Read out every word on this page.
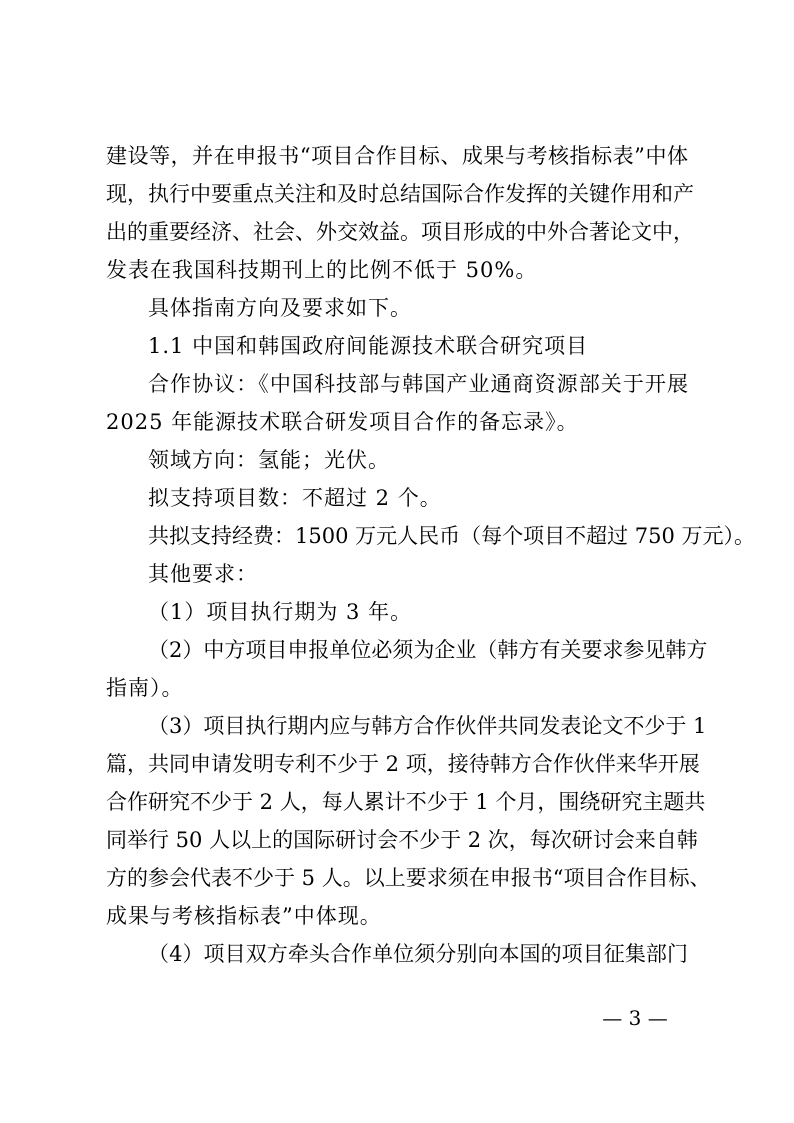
建设等，并在申报书“项目合作目标、成果与考核指标表”中体
现，执行中要重点关注和及时总结国际合作发挥的关键作用和产
出的重要经济、社会、外交效益。项目形成的中外合著论文中，
发表在我国科技期刊上的比例不低于 50%。
具体指南方向及要求如下。
1.1 中国和韩国政府间能源技术联合研究项目
合作协议：《中国科技部与韩国产业通商资源部关于开展
2025 年能源技术联合研发项目合作的备忘录》。
领域方向：氢能；光伏。
拟支持项目数：不超过 2 个。
共拟支持经费：1500 万元人民币（每个项目不超过 750 万元）。
其他要求：
（1）项目执行期为 3 年。
（2）中方项目申报单位必须为企业（韩方有关要求参见韩方
指南）。
（3）项目执行期内应与韩方合作伙伴共同发表论文不少于 1
篇，共同申请发明专利不少于 2 项，接待韩方合作伙伴来华开展
合作研究不少于 2 人，每人累计不少于 1 个月，围绕研究主题共
同举行 50 人以上的国际研讨会不少于 2 次，每次研讨会来自韩
方的参会代表不少于 5 人。以上要求须在申报书“项目合作目标、
成果与考核指标表”中体现。
（4）项目双方牵头合作单位须分别向本国的项目征集部门
— 3 —
